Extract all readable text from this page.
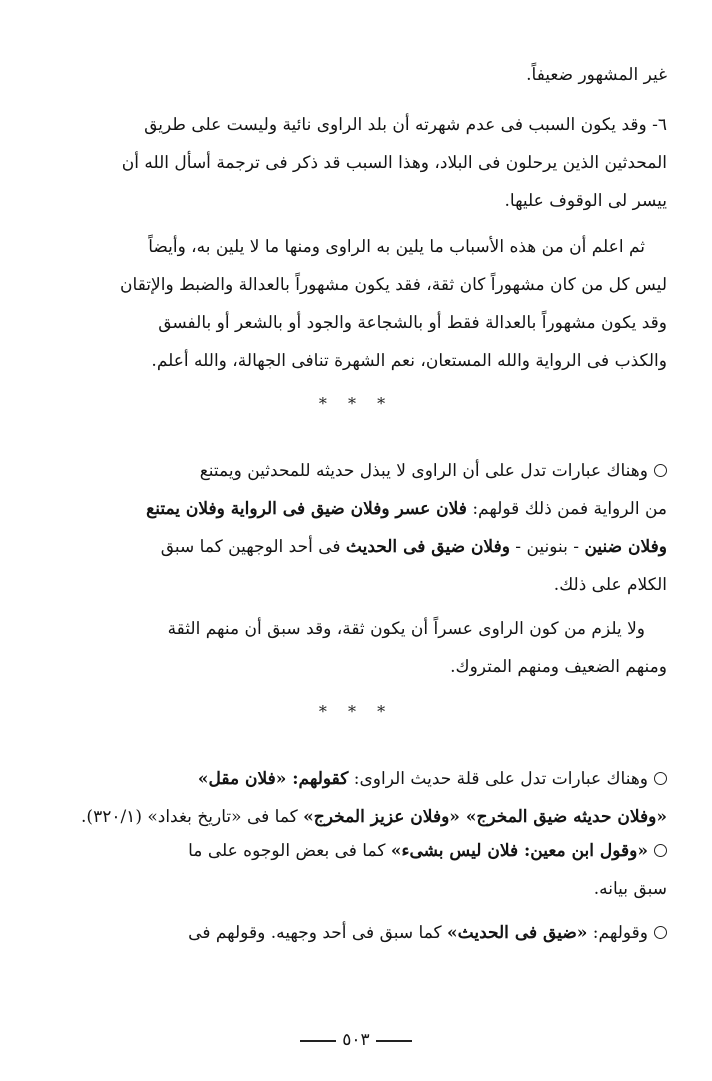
غير المشهور ضعيفاً.
٦- وقد يكون السبب فى عدم شهرته أن بلد الراوى نائية وليست على طريق
المحدثين الذين يرحلون فى البلاد، وهذا السبب قد ذكر فى ترجمة أسأل الله أن
ييسر لى الوقوف عليها.
ثم اعلم أن من هذه الأسباب ما يلين به الراوى ومنها ما لا يلين به، وأيضاً
ليس كل من كان مشهوراً كان ثقة، فقد يكون مشهوراً بالعدالة والضبط والإتقان
وقد يكون مشهوراً بالعدالة فقط أو بالشجاعة والجود أو بالشعر أو بالفسق
والكذب فى الرواية والله المستعان، نعم الشهرة تنافى الجهالة، والله أعلم.
* * *
وهناك عبارات تدل على أن الراوى لا يبذل حديثه للمحدثين ويمتنع
من الرواية فمن ذلك قولهم: فلان عسر وفلان ضيق فى الرواية وفلان يمتنع
وفلان ضنين - بنونين - وفلان ضيق فى الحديث فى أحد الوجهين كما سبق
الكلام على ذلك.
ولا يلزم من كون الراوى عسراً أن يكون ثقة، وقد سبق أن منهم الثقة
ومنهم الضعيف ومنهم المتروك.
* * *
وهناك عبارات تدل على قلة حديث الراوى: كقولهم: «فلان مقل»
«وفلان حديثه ضيق المخرج» «وفلان عزيز المخرج» كما فى «تاريخ بغداد» (٣٢٠/١).
«وقول ابن معين: فلان ليس بشىء» كما فى بعض الوجوه على ما
سبق بيانه.
وقولهم: «ضيق فى الحديث» كما سبق فى أحد وجهيه. وقولهم فى
٥٠٣
